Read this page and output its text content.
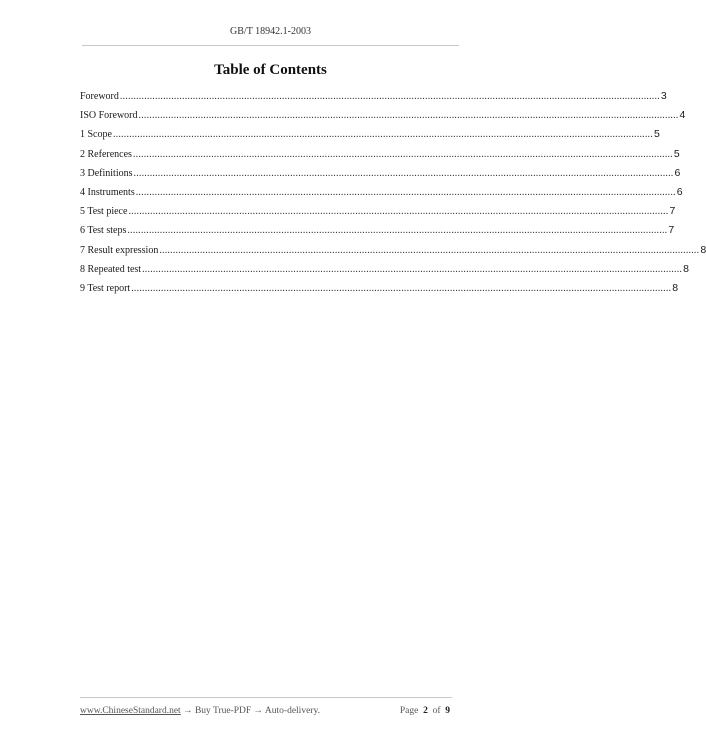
GB/T 18942.1-2003
Table of Contents
Foreword ........................................................................................................................................................................................................ 3
ISO Foreword ........................................................................................................................................................................................................ 4
1 Scope ........................................................................................................................................................................................................ 5
2 References ........................................................................................................................................................................................................ 5
3 Definitions ........................................................................................................................................................................................................ 6
4 Instruments ........................................................................................................................................................................................................ 6
5 Test piece ........................................................................................................................................................................................................ 7
6 Test steps ........................................................................................................................................................................................................ 7
7 Result expression ........................................................................................................................................................................................................ 8
8 Repeated test ........................................................................................................................................................................................................ 8
9 Test report ........................................................................................................................................................................................................ 8
www.ChineseStandard.net → Buy True-PDF → Auto-delivery.	Page 2 of 9
